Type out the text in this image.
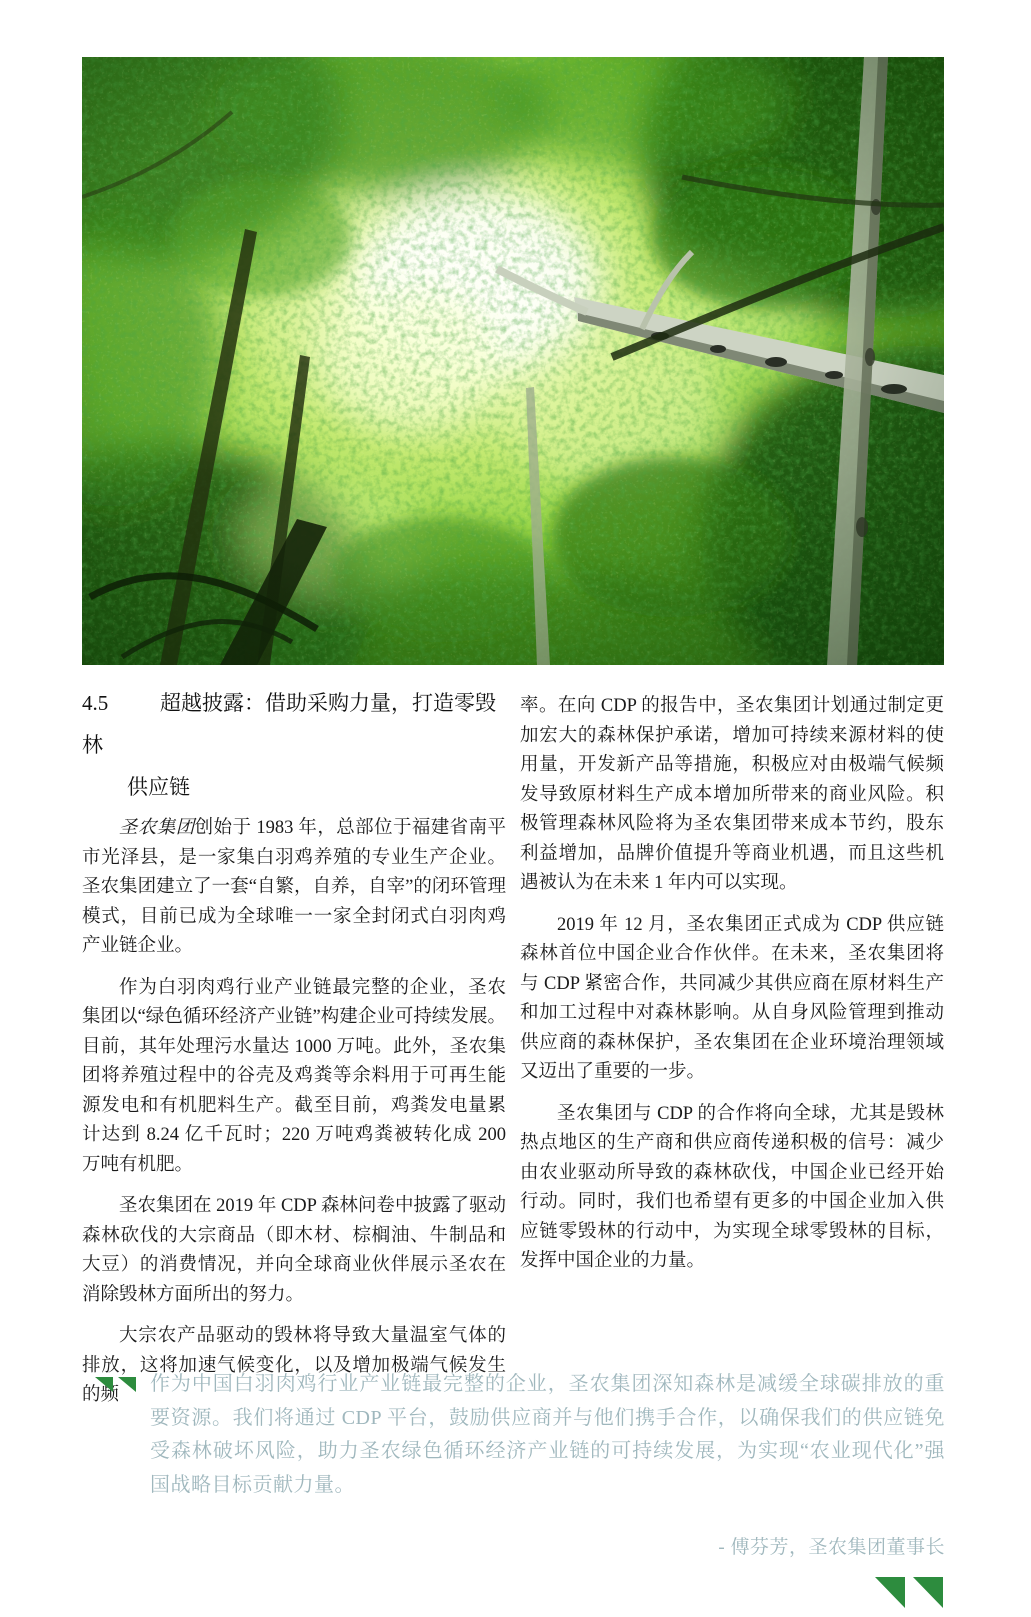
4.5 超越披露：借助采购力量，打造零毁林
供应链

圣农集团创始于 1983 年，总部位于福建省南平市光泽县，是一家集白羽鸡养殖的专业生产企业。圣农集团建立了一套“自繁，自养，自宰”的闭环管理模式，目前已成为全球唯一一家全封闭式白羽肉鸡产业链企业。

作为白羽肉鸡行业产业链最完整的企业，圣农集团以“绿色循环经济产业链”构建企业可持续发展。目前，其年处理污水量达 1000 万吨。此外，圣农集团将养殖过程中的谷壳及鸡粪等余料用于可再生能源发电和有机肥料生产。截至目前，鸡粪发电量累计达到 8.24 亿千瓦时；220 万吨鸡粪被转化成 200 万吨有机肥。

圣农集团在 2019 年 CDP 森林问卷中披露了驱动森林砍伐的大宗商品（即木材、棕榈油、牛制品和大豆）的消费情况，并向全球商业伙伴展示圣农在消除毁林方面所出的努力。

大宗农产品驱动的毁林将导致大量温室气体的排放，这将加速气候变化，以及增加极端气候发生的频

率。在向 CDP 的报告中，圣农集团计划通过制定更加宏大的森林保护承诺，增加可持续来源材料的使用量，开发新产品等措施，积极应对由极端气候频发导致原材料生产成本增加所带来的商业风险。积极管理森林风险将为圣农集团带来成本节约，股东利益增加，品牌价值提升等商业机遇，而且这些机遇被认为在未来 1 年内可以实现。

2019 年 12 月，圣农集团正式成为 CDP 供应链森林首位中国企业合作伙伴。在未来，圣农集团将与 CDP 紧密合作，共同减少其供应商在原材料生产和加工过程中对森林影响。从自身风险管理到推动供应商的森林保护，圣农集团在企业环境治理领域又迈出了重要的一步。

圣农集团与 CDP 的合作将向全球，尤其是毁林热点地区的生产商和供应商传递积极的信号：减少由农业驱动所导致的森林砍伐，中国企业已经开始行动。同时，我们也希望有更多的中国企业加入供应链零毁林的行动中，为实现全球零毁林的目标，发挥中国企业的力量。

作为中国白羽肉鸡行业产业链最完整的企业，圣农集团深知森林是减缓全球碳排放的重要资源。我们将通过 CDP 平台，鼓励供应商并与他们携手合作，以确保我们的供应链免受森林破坏风险，助力圣农绿色循环经济产业链的可持续发展，为实现“农业现代化”强国战略目标贡献力量。
- 傅芬芳，圣农集团董事长
